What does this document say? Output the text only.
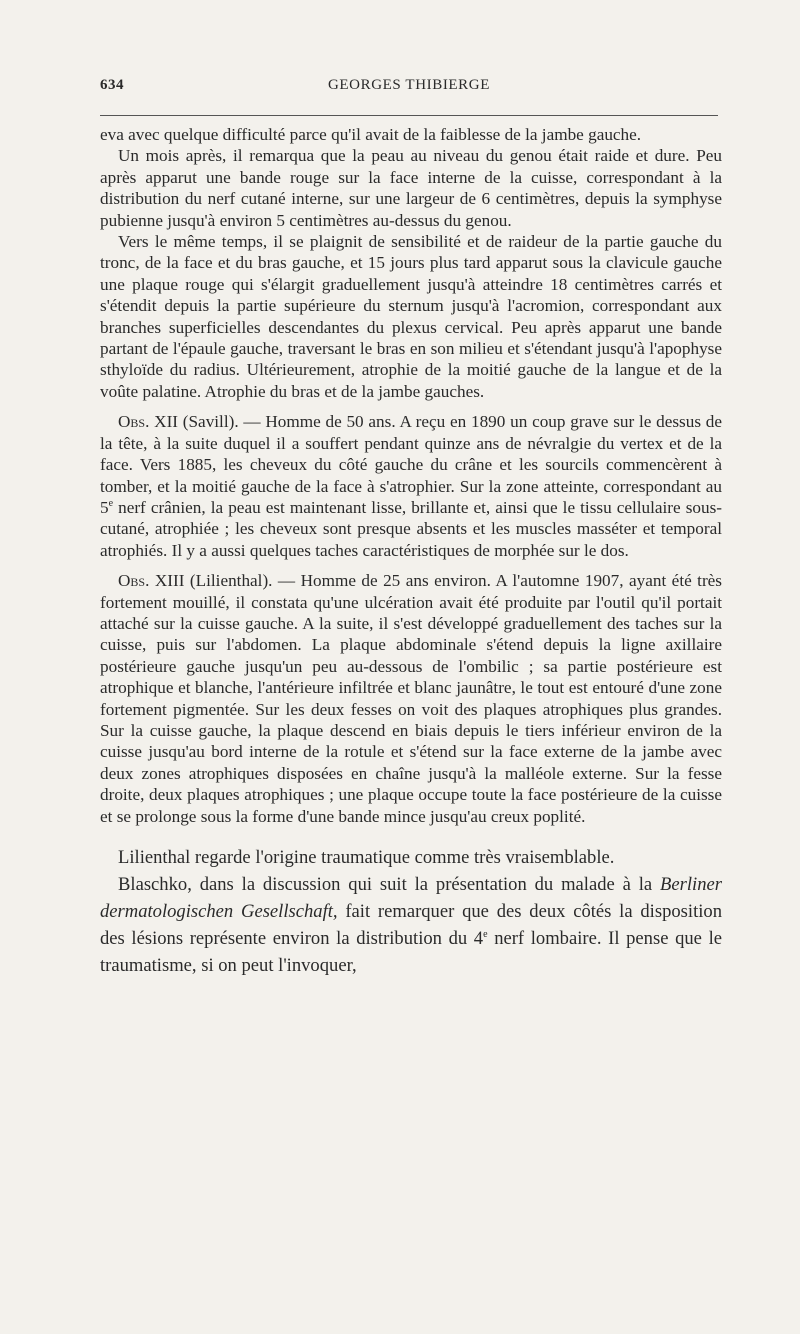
634	GEORGES THIBIERGE

eva avec quelque difficulté parce qu'il avait de la faiblesse de la jambe gauche.

Un mois après, il remarqua que la peau au niveau du genou était raide et dure. Peu après apparut une bande rouge sur la face interne de la cuisse, correspondant à la distribution du nerf cutané interne, sur une largeur de 6 centimètres, depuis la symphyse pubienne jusqu'à environ 5 centimètres au-dessus du genou.

Vers le même temps, il se plaignit de sensibilité et de raideur de la partie gauche du tronc, de la face et du bras gauche, et 15 jours plus tard apparut sous la clavicule gauche une plaque rouge qui s'élargit graduellement jusqu'à atteindre 18 centimètres carrés et s'étendit depuis la partie supérieure du sternum jusqu'à l'acromion, correspondant aux branches superficielles descendantes du plexus cervical. Peu après apparut une bande partant de l'épaule gauche, traversant le bras en son milieu et s'étendant jusqu'à l'apophyse sthyloïde du radius. Ultérieurement, atrophie de la moitié gauche de la langue et de la voûte palatine. Atrophie du bras et de la jambe gauches.

Obs. XII (Savill). — Homme de 50 ans. A reçu en 1890 un coup grave sur le dessus de la tête, à la suite duquel il a souffert pendant quinze ans de névralgie du vertex et de la face. Vers 1885, les cheveux du côté gauche du crâne et les sourcils commencèrent à tomber, et la moitié gauche de la face à s'atrophier. Sur la zone atteinte, correspondant au 5e nerf crânien, la peau est maintenant lisse, brillante et, ainsi que le tissu cellulaire sous-cutané, atrophiée ; les cheveux sont presque absents et les muscles masséter et temporal atrophiés. Il y a aussi quelques taches caractéristiques de morphée sur le dos.

Obs. XIII (Lilienthal). — Homme de 25 ans environ. A l'automne 1907, ayant été très fortement mouillé, il constata qu'une ulcération avait été produite par l'outil qu'il portait attaché sur la cuisse gauche. A la suite, il s'est développé graduellement des taches sur la cuisse, puis sur l'abdomen. La plaque abdominale s'étend depuis la ligne axillaire postérieure gauche jusqu'un peu au-dessous de l'ombilic ; sa partie postérieure est atrophique et blanche, l'antérieure infiltrée et blanc jaunâtre, le tout est entouré d'une zone fortement pigmentée. Sur les deux fesses on voit des plaques atrophiques plus grandes. Sur la cuisse gauche, la plaque descend en biais depuis le tiers inférieur environ de la cuisse jusqu'au bord interne de la rotule et s'étend sur la face externe de la jambe avec deux zones atrophiques disposées en chaîne jusqu'à la malléole externe. Sur la fesse droite, deux plaques atrophiques ; une plaque occupe toute la face postérieure de la cuisse et se prolonge sous la forme d'une bande mince jusqu'au creux poplité.

Lilienthal regarde l'origine traumatique comme très vraisemblable.

Blaschko, dans la discussion qui suit la présentation du malade à la Berliner dermatologischen Gesellschaft, fait remarquer que des deux côtés la disposition des lésions représente environ la distribution du 4e nerf lombaire. Il pense que le traumatisme, si on peut l'invoquer,
